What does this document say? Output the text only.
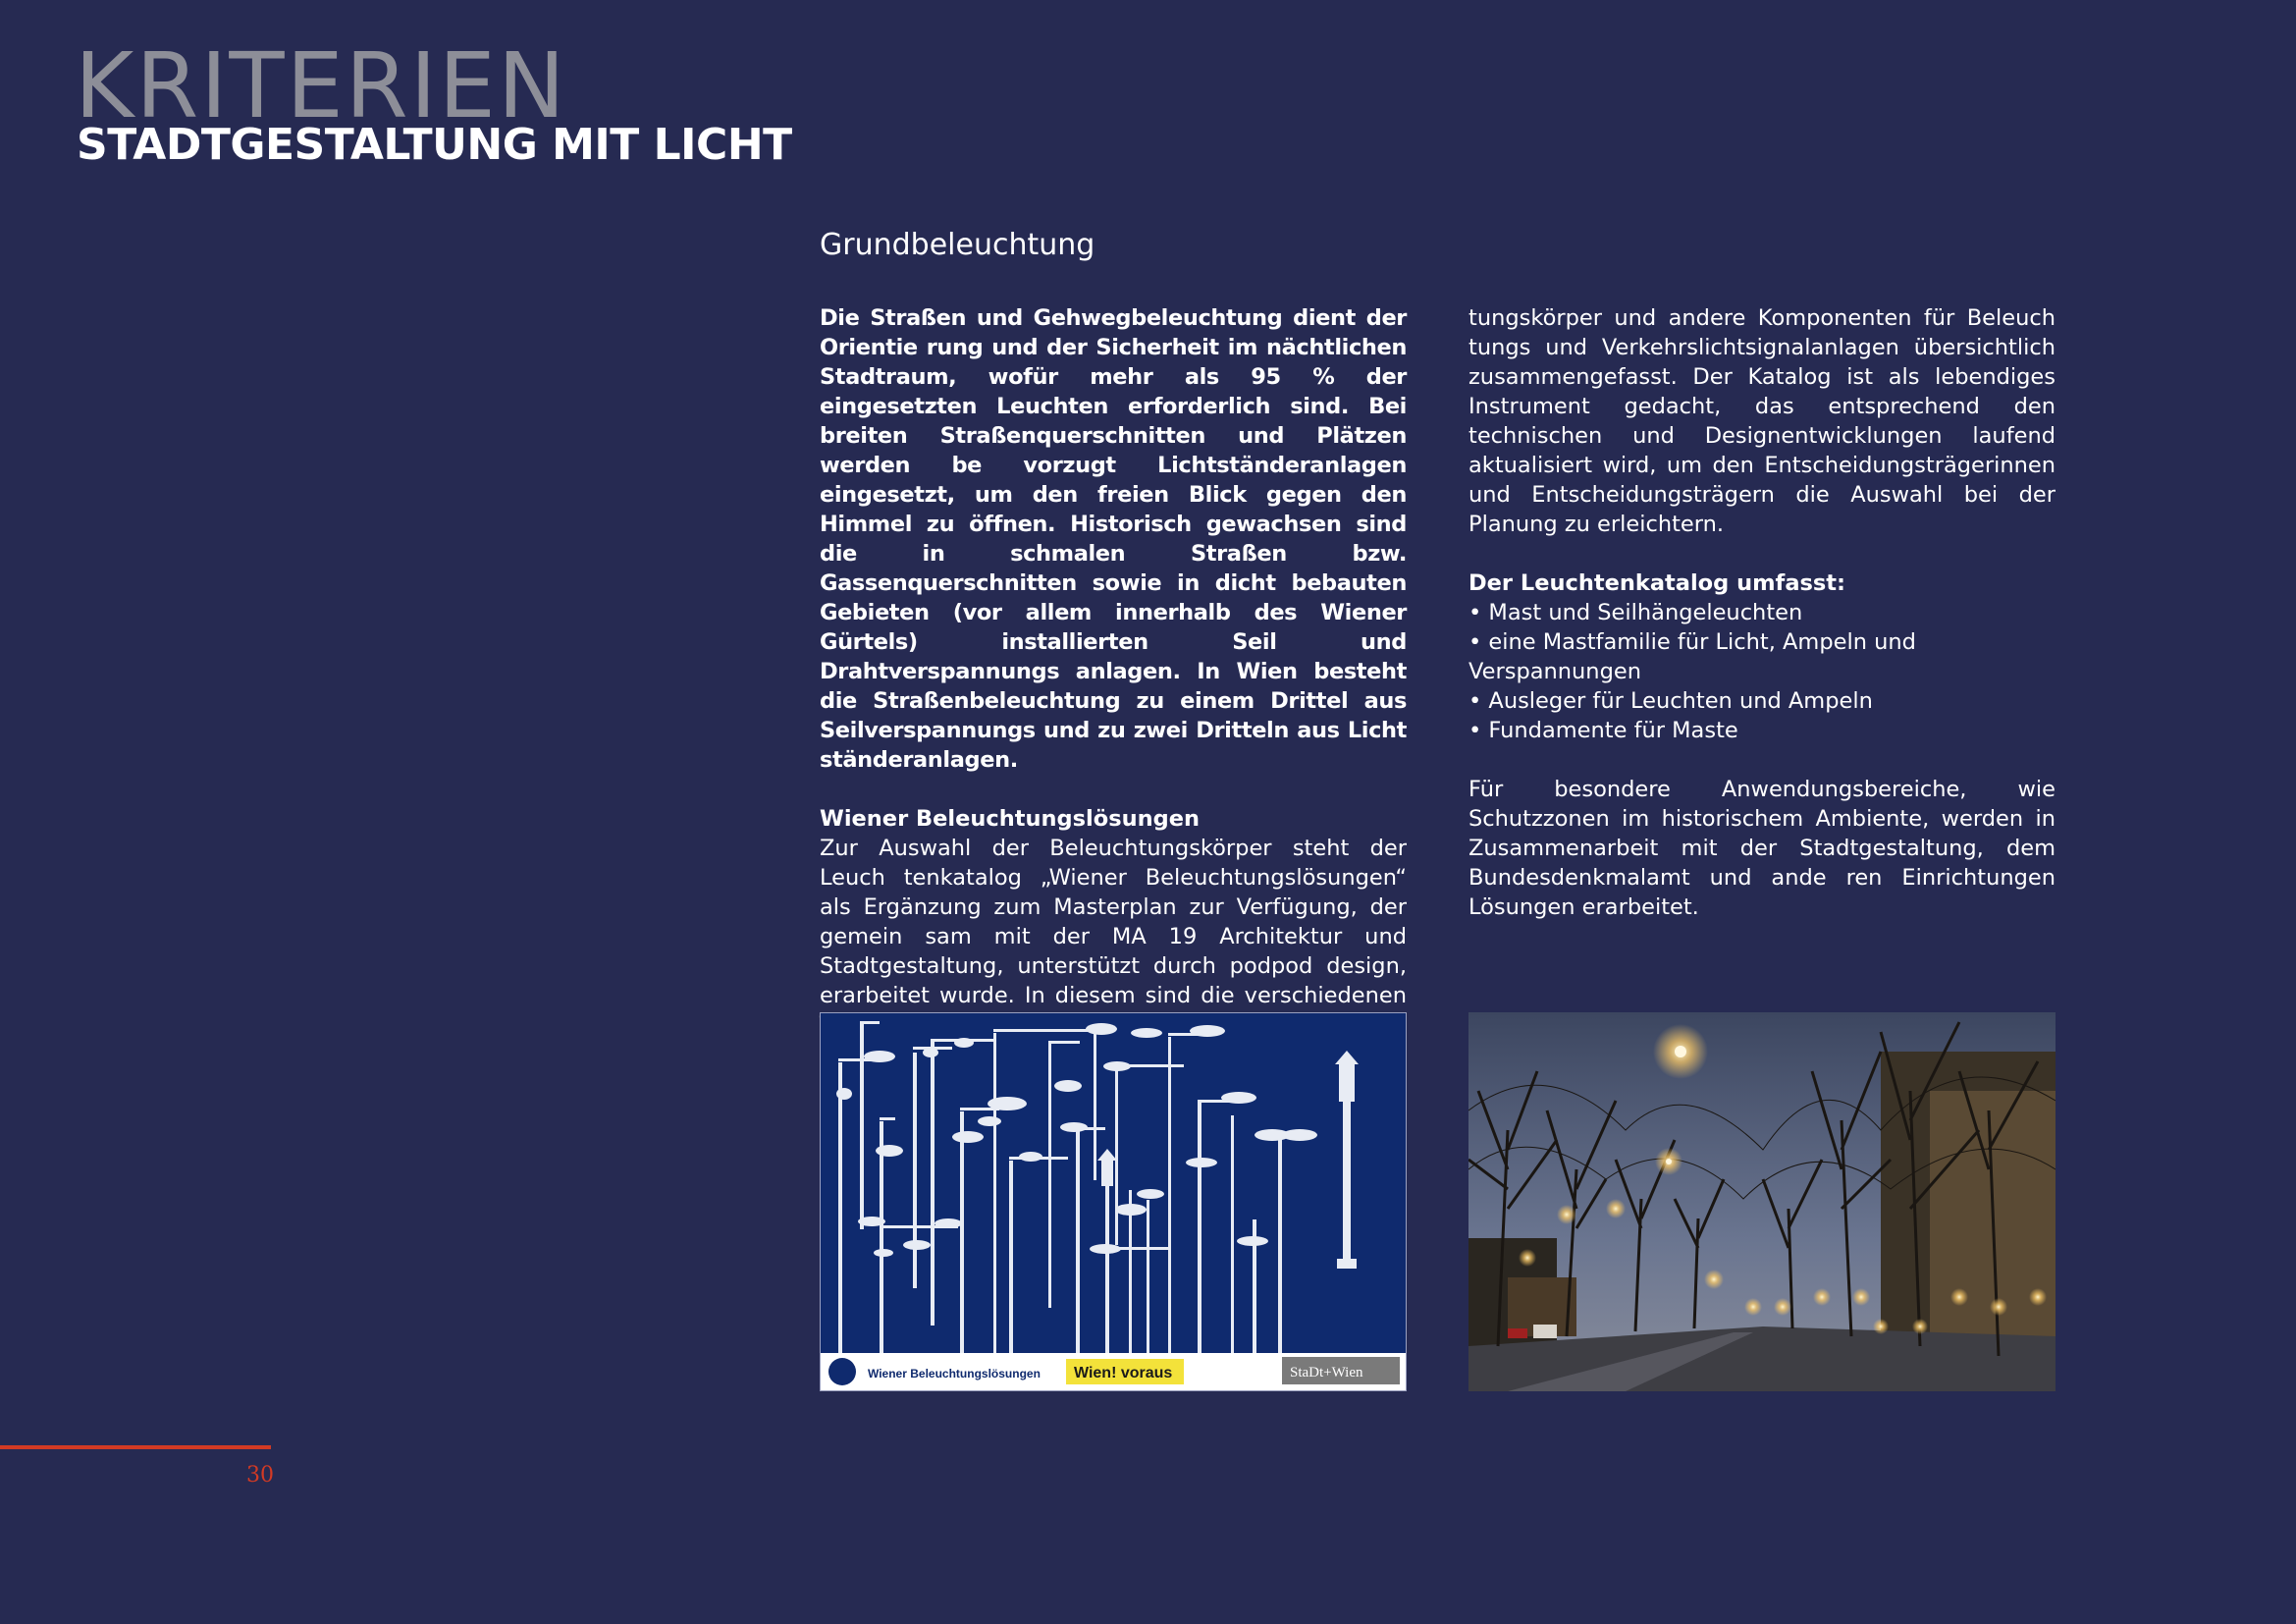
KRITERIEN
STADTGESTALTUNG MIT LICHT
Grundbeleuchtung

Die Straßen und Gehwegbeleuchtung dient der Orientie rung und der Sicherheit im nächtlichen Stadtraum, wofür mehr als 95 % der eingesetzten Leuchten erforderlich sind. Bei breiten Straßenquerschnitten und Plätzen werden be vorzugt Lichtständeranlagen eingesetzt, um den freien Blick gegen den Himmel zu öffnen. Historisch gewachsen sind die in schmalen Straßen bzw. Gassenquerschnitten sowie in dicht bebauten Gebieten (vor allem innerhalb des Wiener Gürtels) installierten Seil und Drahtverspannungs anlagen. In Wien besteht die Straßenbeleuchtung zu einem Drittel aus Seilverspannungs und zu zwei Dritteln aus Licht ständeranlagen.

Wiener Beleuchtungslösungen

Zur Auswahl der Beleuchtungskörper steht der Leuch tenkatalog „Wiener Beleuchtungslösungen“ als Ergänzung zum Masterplan zur Verfügung, der gemein sam mit der MA 19 Architektur und Stadtgestaltung, unterstützt durch podpod design, erarbeitet wurde. In diesem sind die verschiedenen

tungskörper und andere Komponenten für Beleuch tungs und Verkehrslichtsignalanlagen übersichtlich zusammengefasst. Der Katalog ist als lebendiges Instrument gedacht, das entsprechend den technischen und Designentwicklungen laufend aktualisiert wird, um den Entscheidungsträgerinnen und Entscheidungsträgern die Auswahl bei der Planung zu erleichtern.

Der Leuchtenkatalog umfasst:

• Mast und Seilhängeleuchten
• eine Mastfamilie für Licht, Ampeln und Verspannungen
• Ausleger für Leuchten und Ampeln
• Fundamente für Maste

Für besondere Anwendungsbereiche, wie Schutzzonen im historischem Ambiente, werden in Zusammenarbeit mit der Stadtgestaltung, dem Bundesdenkmalamt und ande ren Einrichtungen Lösungen erarbeitet.

Wiener Beleuchtungslösungen Wien! voraus	StaDt+Wien
30
